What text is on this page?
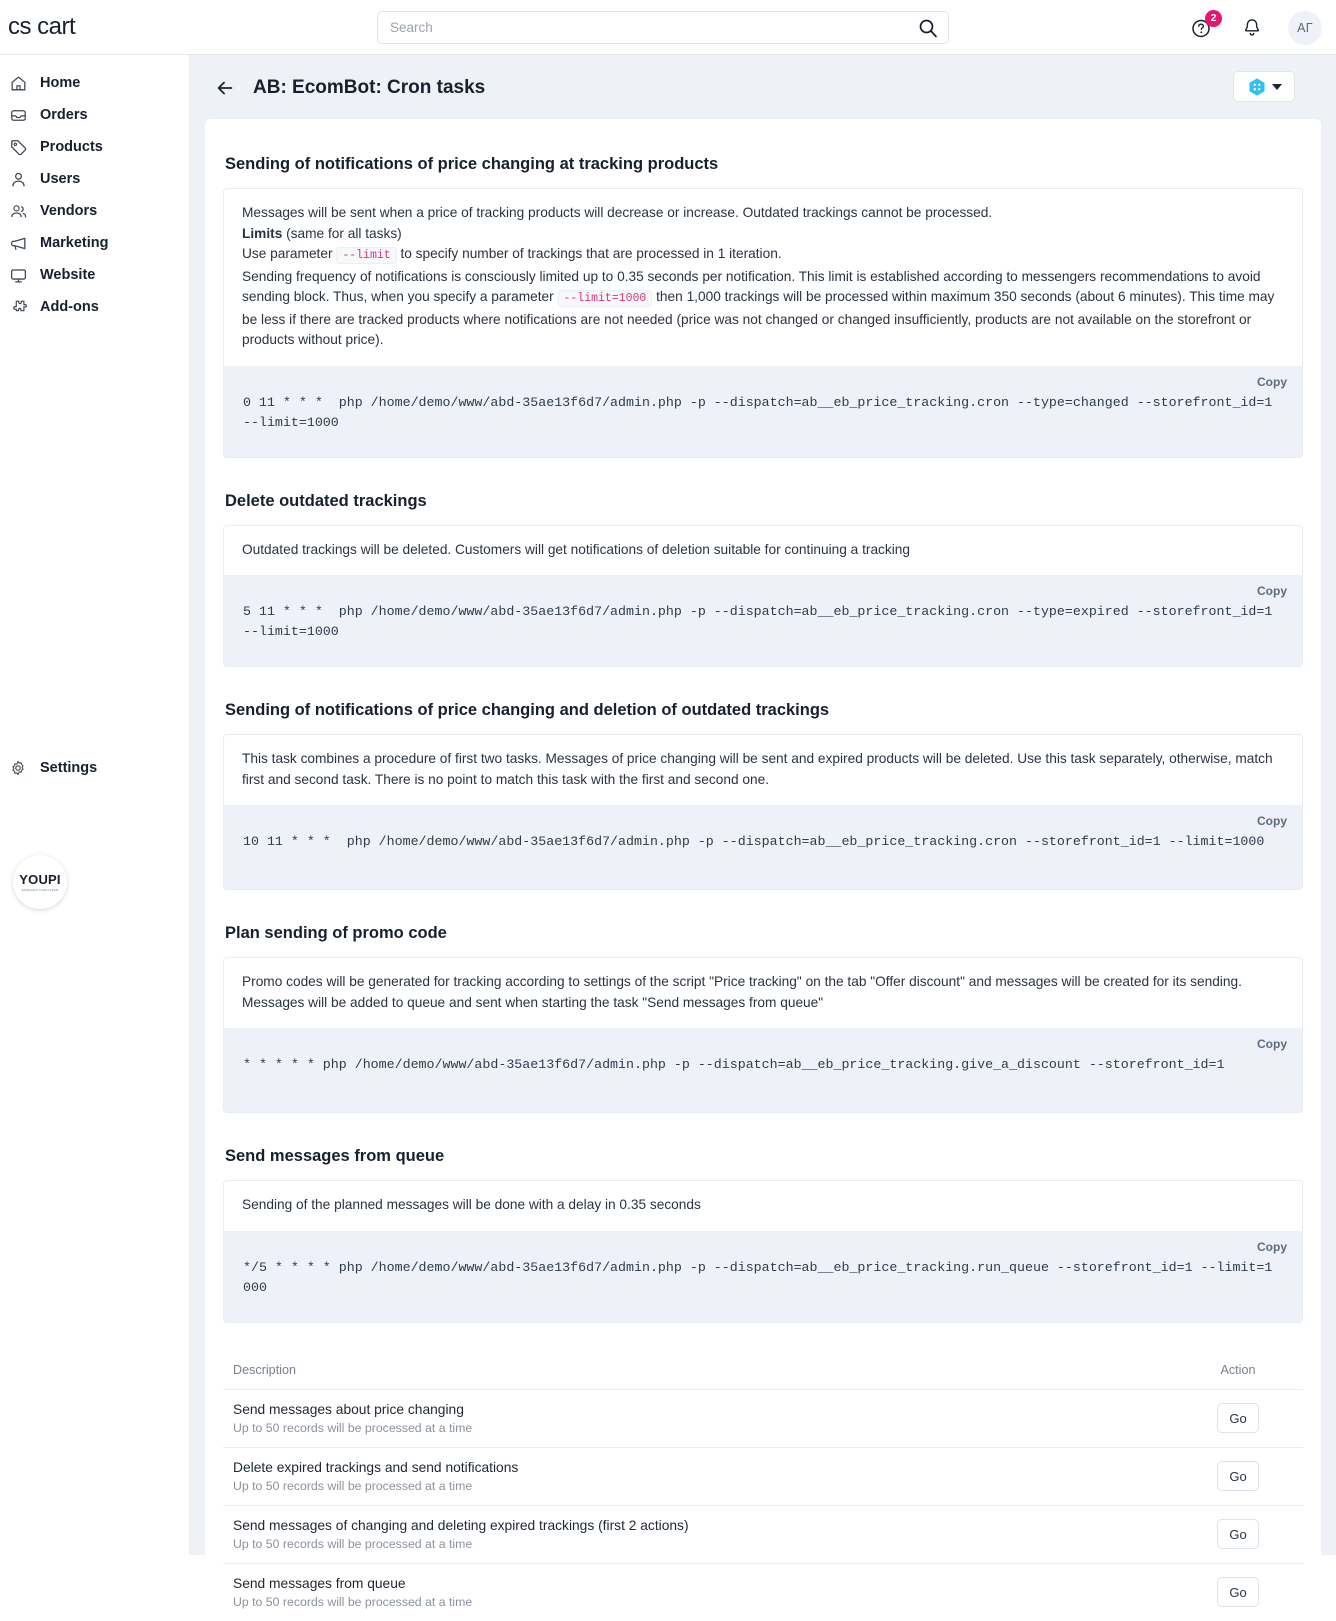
cs cart
Search	2
АГ
Home
Orders
Products
Users
Vendors
Marketing
Website
Add-ons
Settings
YOUPI
EXCELLENT CLIENT FROM
AB: EcomBot: Cron tasks
Sending of notifications of price changing at tracking products
Messages will be sent when a price of tracking products will decrease or increase. Outdated trackings cannot be processed.
Limits (same for all tasks)
Use parameter --limit to specify number of trackings that are processed in 1 iteration.
Sending frequency of notifications is consciously limited up to 0.35 seconds per notification. This limit is established according to messengers recommendations to avoid sending block. Thus, when you specify a parameter --limit=1000 then 1,000 trackings will be processed within maximum 350 seconds (about 6 minutes). This time may be less if there are tracked products where notifications are not needed (price was not changed or changed insufficiently, products are not available on the storefront or products without price).
Copy
0 11 * * *  php /home/demo/www/abd-35ae13f6d7/admin.php -p --dispatch=ab__eb_price_tracking.cron --type=changed --storefront_id=1 --limit=1000
Delete outdated trackings
Outdated trackings will be deleted. Customers will get notifications of deletion suitable for continuing a tracking
Copy
5 11 * * *  php /home/demo/www/abd-35ae13f6d7/admin.php -p --dispatch=ab__eb_price_tracking.cron --type=expired --storefront_id=1 --limit=1000
Sending of notifications of price changing and deletion of outdated trackings
This task combines a procedure of first two tasks. Messages of price changing will be sent and expired products will be deleted. Use this task separately, otherwise, match first and second task. There is no point to match this task with the first and second one.
Copy
10 11 * * *  php /home/demo/www/abd-35ae13f6d7/admin.php -p --dispatch=ab__eb_price_tracking.cron --storefront_id=1 --limit=1000
Plan sending of promo code
Promo codes will be generated for tracking according to settings of the script "Price tracking" on the tab "Offer discount" and messages will be created for its sending. Messages will be added to queue and sent when starting the task "Send messages from queue"
Copy
* * * * * php /home/demo/www/abd-35ae13f6d7/admin.php -p --dispatch=ab__eb_price_tracking.give_a_discount --storefront_id=1
Send messages from queue
Sending of the planned messages will be done with a delay in 0.35 seconds
Copy
*/5 * * * * php /home/demo/www/abd-35ae13f6d7/admin.php -p --dispatch=ab__eb_price_tracking.run_queue --storefront_id=1 --limit=1000
Description	Action

Send messages about price changing
Up to 50 records will be processed at a time	Go

Delete expired trackings and send notifications
Up to 50 records will be processed at a time	Go

Send messages of changing and deleting expired trackings (first 2 actions)
Up to 50 records will be processed at a time	Go

Send messages from queue
Up to 50 records will be processed at a time	Go
